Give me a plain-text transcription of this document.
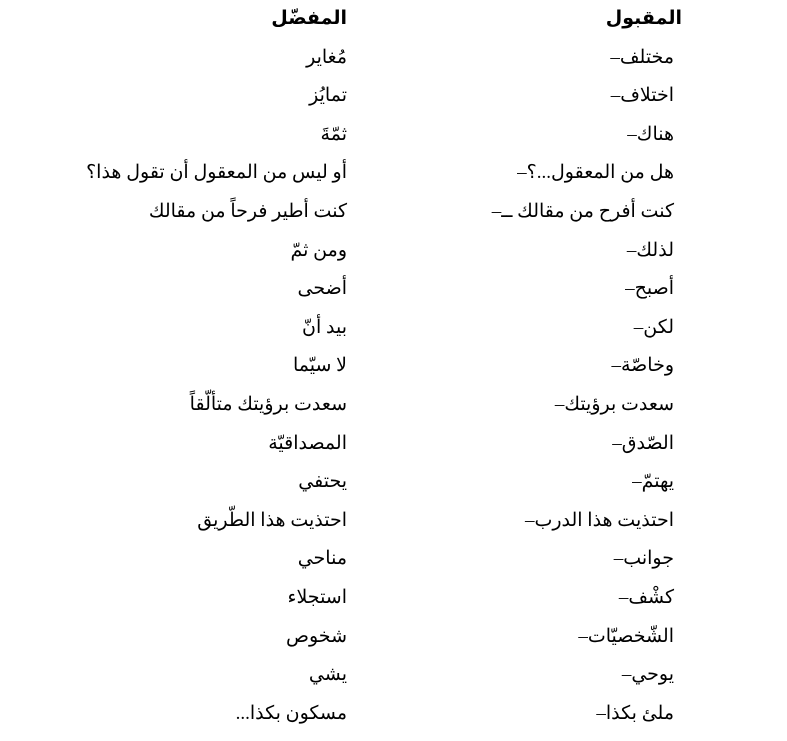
المقبول
مختلف–
اختلاف–
هناك–
هل من المعقول...؟–
كنت أفرح من مقالك ــ–
لذلك–
أصبح–
لكن–
وخاصّة–
سعدت برؤيتك–
الصّدق–
يهتمّ–
احتذيت هذا الدرب–
جوانب–
كشْف–
الشّخصيّات–
يوحي–
ملئ بكذا–
المفضّل
مُغاير
تمايُز
ثمّةَ
أو ليس من المعقول أن تقول هذا؟
كنت أطير فرحاً من مقالك
ومن ثمّ
أضحى
بيد أنّ
لا سيّما
سعدت برؤيتك متألّقاً
المصداقيّة
يحتفي
احتذيت هذا الطّريق
مناحي
استجلاء
شخوص
يشي
مسكون بكذا...
